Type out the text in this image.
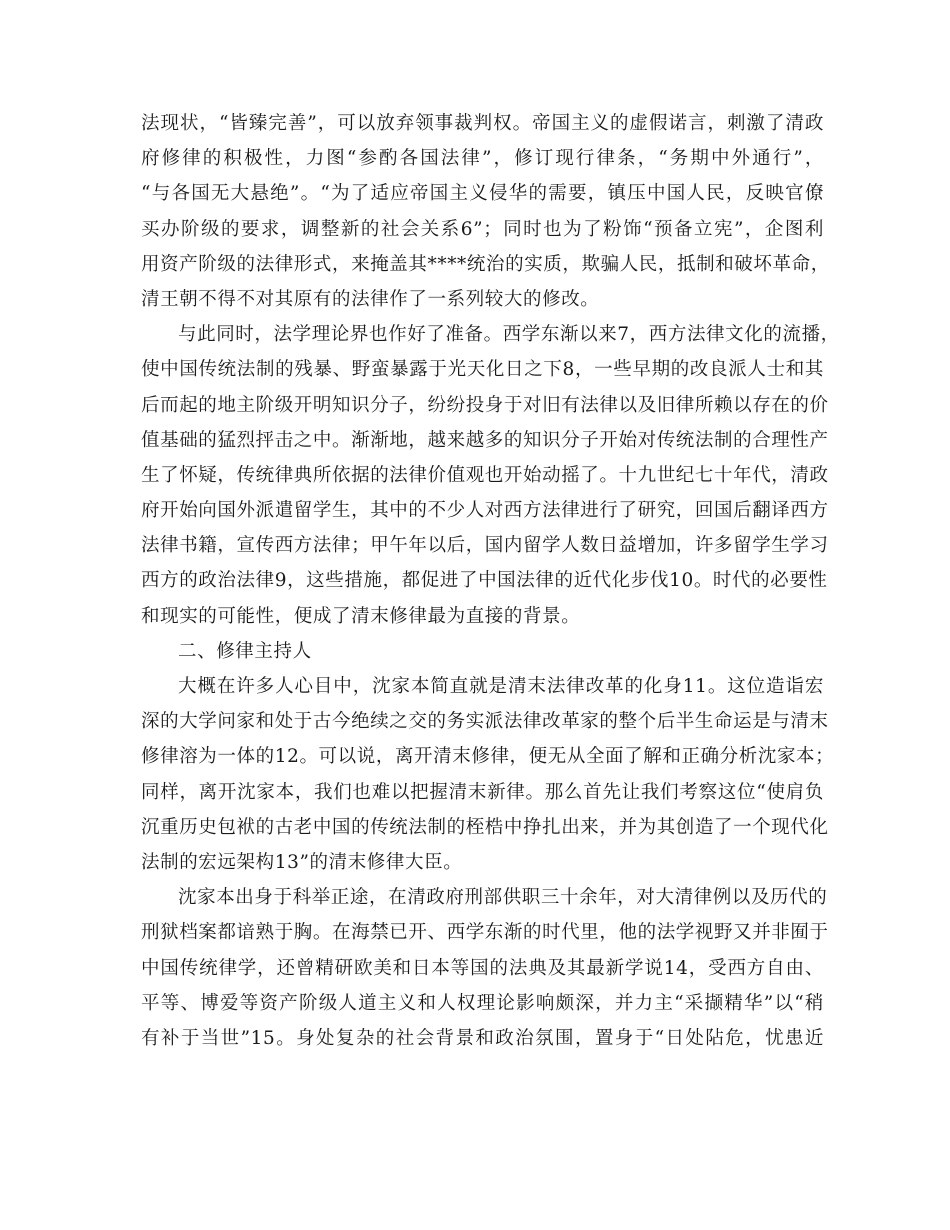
法现状，“皆臻完善”，可以放弃领事裁判权。帝国主义的虚假诺言，刺激了清政
府修律的积极性，力图“参酌各国法律”，修订现行律条，“务期中外通行”，
“与各国无大悬绝”。“为了适应帝国主义侵华的需要，镇压中国人民，反映官僚
买办阶级的要求，调整新的社会关系6”；同时也为了粉饰“预备立宪”，企图利
用资产阶级的法律形式，来掩盖其****统治的实质，欺骗人民，抵制和破坏革命，
清王朝不得不对其原有的法律作了一系列较大的修改。
与此同时，法学理论界也作好了准备。西学东渐以来7，西方法律文化的流播，
使中国传统法制的残暴、野蛮暴露于光天化日之下8，一些早期的改良派人士和其
后而起的地主阶级开明知识分子，纷纷投身于对旧有法律以及旧律所赖以存在的价
值基础的猛烈抨击之中。渐渐地，越来越多的知识分子开始对传统法制的合理性产
生了怀疑，传统律典所依据的法律价值观也开始动摇了。十九世纪七十年代，清政
府开始向国外派遣留学生，其中的不少人对西方法律进行了研究，回国后翻译西方
法律书籍，宣传西方法律；甲午年以后，国内留学人数日益增加，许多留学生学习
西方的政治法律9，这些措施，都促进了中国法律的近代化步伐10。时代的必要性
和现实的可能性，便成了清末修律最为直接的背景。
二、修律主持人
大概在许多人心目中，沈家本简直就是清末法律改革的化身11。这位造诣宏
深的大学问家和处于古今绝续之交的务实派法律改革家的整个后半生命运是与清末
修律溶为一体的12。可以说，离开清末修律，便无从全面了解和正确分析沈家本；
同样，离开沈家本，我们也难以把握清末新律。那么首先让我们考察这位“使肩负
沉重历史包袱的古老中国的传统法制的桎梏中挣扎出来，并为其创造了一个现代化
法制的宏远架构13”的清末修律大臣。
沈家本出身于科举正途，在清政府刑部供职三十余年，对大清律例以及历代的
刑狱档案都谙熟于胸。在海禁已开、西学东渐的时代里，他的法学视野又并非囿于
中国传统律学，还曾精研欧美和日本等国的法典及其最新学说14，受西方自由、
平等、博爱等资产阶级人道主义和人权理论影响颇深，并力主“采撷精华”以“稍
有补于当世”15。身处复杂的社会背景和政治氛围，置身于“日处阽危，忧患近
